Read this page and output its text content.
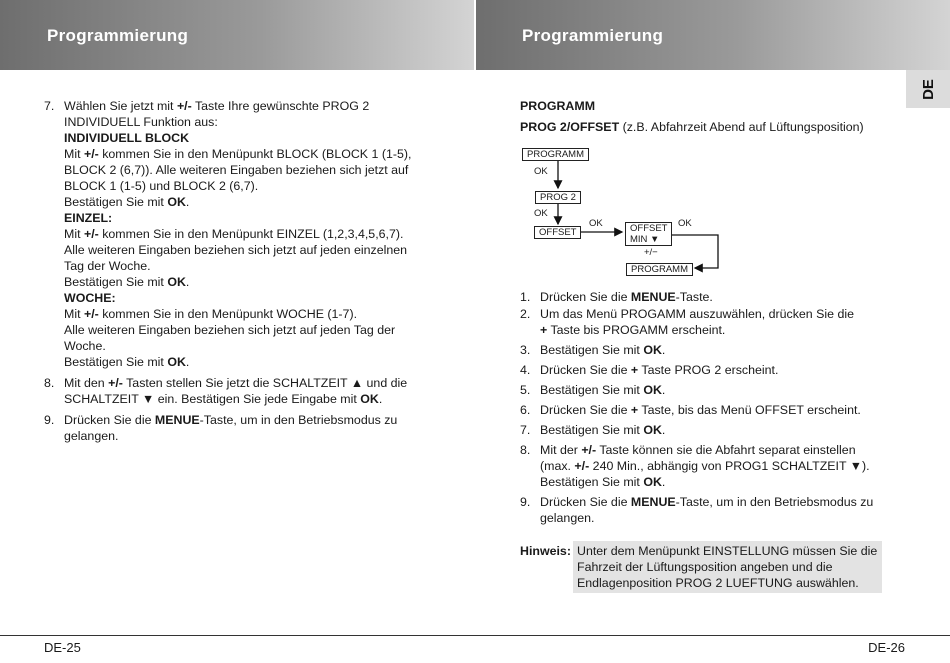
Programmierung	Programmierung
DE
7. Wählen Sie jetzt mit +/- Taste Ihre gewünschte PROG 2
INDIVIDUELL Funktion aus:
INDIVIDUELL BLOCK
Mit +/- kommen Sie in den Menüpunkt BLOCK (BLOCK 1 (1-5),
BLOCK 2 (6,7)). Alle weiteren Eingaben beziehen sich jetzt auf
BLOCK 1 (1-5) und BLOCK 2 (6,7).
Bestätigen Sie mit OK.
EINZEL:
Mit +/- kommen Sie in den Menüpunkt EINZEL (1,2,3,4,5,6,7).
Alle weiteren Eingaben beziehen sich jetzt auf jeden einzelnen
Tag der Woche.
Bestätigen Sie mit OK.
WOCHE:
Mit +/- kommen Sie in den Menüpunkt WOCHE (1-7).
Alle weiteren Eingaben beziehen sich jetzt auf jeden Tag der
Woche.
Bestätigen Sie mit OK.
8. Mit den +/- Tasten stellen Sie jetzt die SCHALTZEIT ▲ und die
SCHALTZEIT ▼ ein. Bestätigen Sie jede Eingabe mit OK.
9. Drücken Sie die MENUE-Taste, um in den Betriebsmodus zu
gelangen.
PROGRAMM
PROG 2/OFFSET (z.B. Abfahrzeit Abend auf Lüftungsposition)
PROGRAMM
OK
PROG 2
OK
OFFSET
OK	OFFSET
MIN ▼
OK
+/−
PROGRAMM
1. Drücken Sie die MENUE-Taste.
2. Um das Menü PROGAMM auszuwählen, drücken Sie die
+ Taste bis PROGAMM erscheint.
3. Bestätigen Sie mit OK.
4. Drücken Sie die + Taste PROG 2 erscheint.
5. Bestätigen Sie mit OK.
6. Drücken Sie die + Taste, bis das Menü OFFSET erscheint.
7. Bestätigen Sie mit OK.
8. Mit der +/- Taste können sie die Abfahrt separat einstellen
(max. +/- 240 Min., abhängig von PROG1 SCHALTZEIT ▼).
Bestätigen Sie mit OK.
9. Drücken Sie die MENUE-Taste, um in den Betriebsmodus zu
gelangen.
Hinweis: Unter dem Menüpunkt EINSTELLUNG müssen Sie die
Fahrzeit der Lüftungsposition angeben und die
Endlagenposition PROG 2 LUEFTUNG auswählen.
DE-25	DE-26
